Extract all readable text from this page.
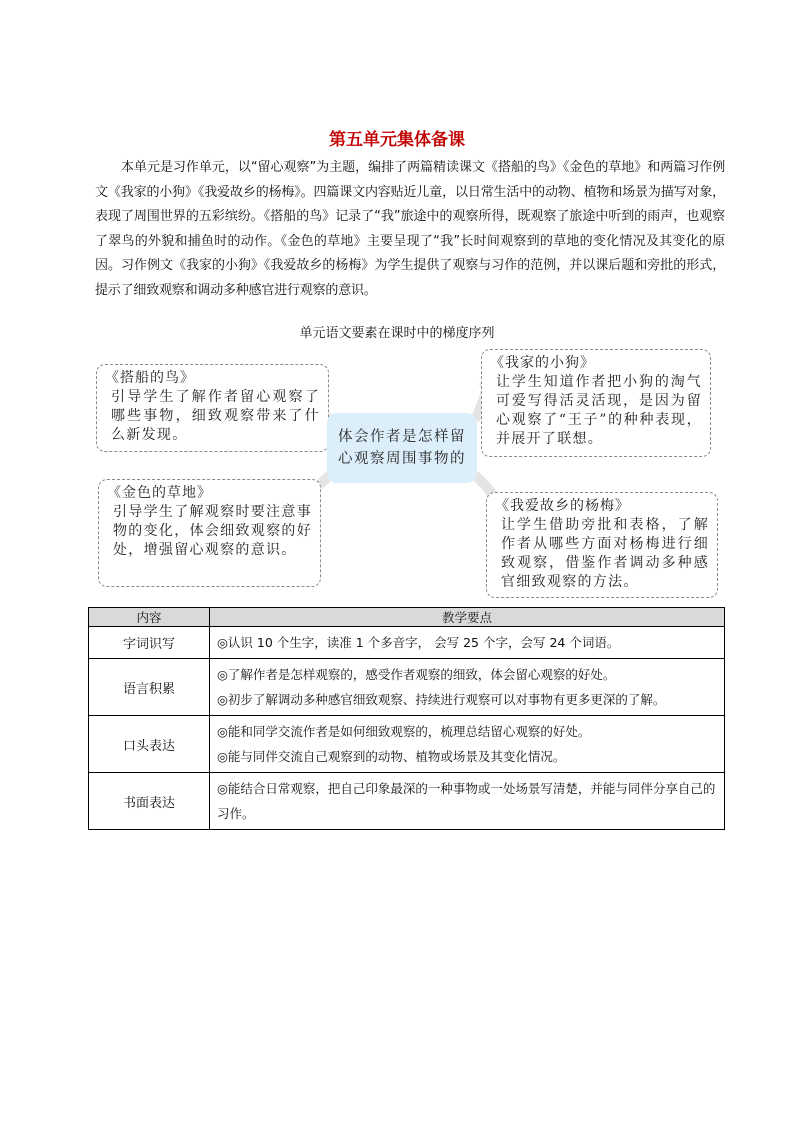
第五单元集体备课
本单元是习作单元，以“留心观察”为主题，编排了两篇精读课文《搭船的鸟》《金色的草地》和两篇习作例文《我家的小狗》《我爱故乡的杨梅》。四篇课文内容贴近儿童，以日常生活中的动物、植物和场景为描写对象，表现了周围世界的五彩缤纷。《搭船的鸟》记录了“我”旅途中的观察所得，既观察了旅途中听到的雨声，也观察了翠鸟的外貌和捕鱼时的动作。《金色的草地》主要呈现了“我”长时间观察到的草地的变化情况及其变化的原因。习作例文《我家的小狗》《我爱故乡的杨梅》为学生提供了观察与习作的范例，并以课后题和旁批的形式，提示了细致观察和调动多种感官进行观察的意识。
单元语文要素在课时中的梯度序列
《搭船的鸟》
引导学生了解作者留心观察了哪些事物，细致观察带来了什么新发现。
《我家的小狗》
让学生知道作者把小狗的淘气可爱写得活灵活现，是因为留心观察了“王子”的种种表现，并展开了联想。
体会作者是怎样留心观察周围事物的
《金色的草地》
引导学生了解观察时要注意事物的变化，体会细致观察的好处，增强留心观察的意识。
《我爱故乡的杨梅》
让学生借助旁批和表格，了解作者从哪些方面对杨梅进行细致观察，借鉴作者调动多种感官细致观察的方法。
内容	教学要点
字词识写	◎认识 10 个生字，读准 1 个多音字， 会写 25 个字，会写 24 个词语。

语言积累	◎了解作者是怎样观察的，感受作者观察的细致，体会留心观察的好处。

◎初步了解调动多种感官细致观察、持续进行观察可以对事物有更多更深的了解。

口头表达	◎能和同学交流作者是如何细致观察的，梳理总结留心观察的好处。

◎能与同伴交流自己观察到的动物、植物或场景及其变化情况。

书面表达	◎能结合日常观察，把自己印象最深的一种事物或一处场景写清楚，并能与同伴分享自己的习作。
